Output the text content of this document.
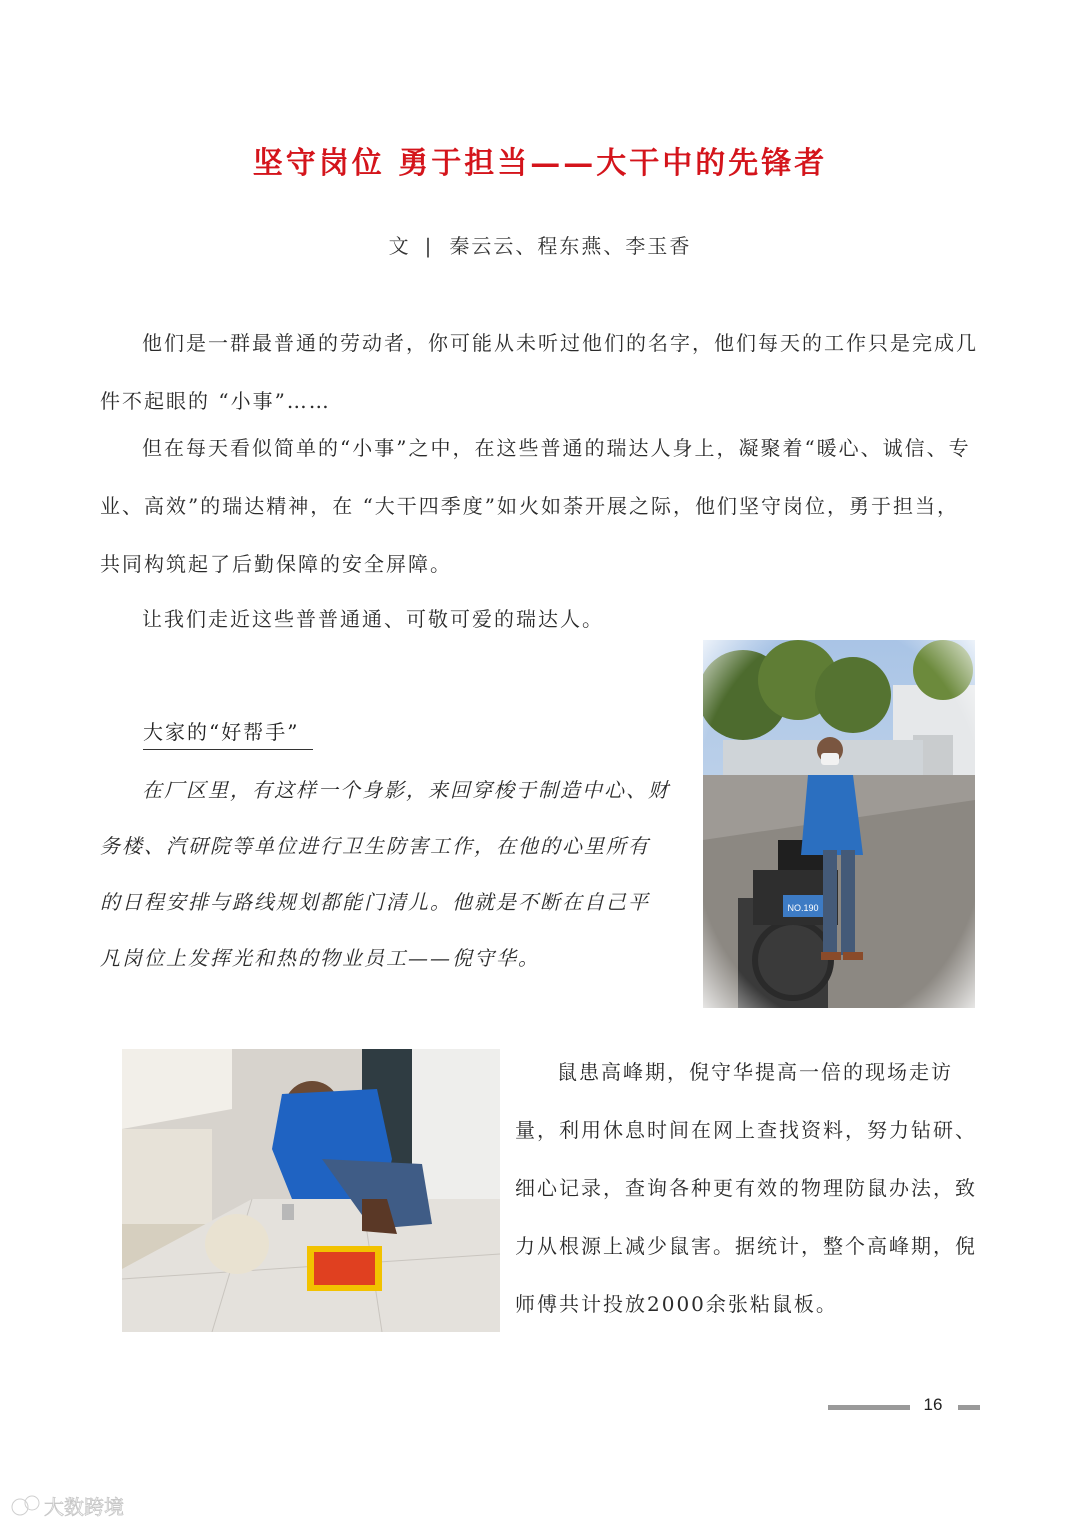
坚守岗位 勇于担当——大干中的先锋者
文 | 秦云云、程东燕、李玉香

他们是一群最普通的劳动者，你可能从未听过他们的名字，他们每天的工作只是完成几件不起眼的 “小事”……

但在每天看似简单的“小事”之中，在这些普通的瑞达人身上，凝聚着“暖心、诚信、专业、高效”的瑞达精神，在 “大干四季度”如火如荼开展之际，他们坚守岗位，勇于担当，共同构筑起了后勤保障的安全屏障。

让我们走近这些普普通通、可敬可爱的瑞达人。

大家的“好帮手”

在厂区里，有这样一个身影，来回穿梭于制造中心、财务楼、汽研院等单位进行卫生防害工作，在他的心里所有的日程安排与路线规划都能门清儿。他就是不断在自己平凡岗位上发挥光和热的物业员工——倪守华。

鼠患高峰期，倪守华提高一倍的现场走访量，利用休息时间在网上查找资料，努力钻研、细心记录，查询各种更有效的物理防鼠办法，致力从根源上减少鼠害。据统计，整个高峰期，倪师傅共计投放2000余张粘鼠板。

16
大数跨境
